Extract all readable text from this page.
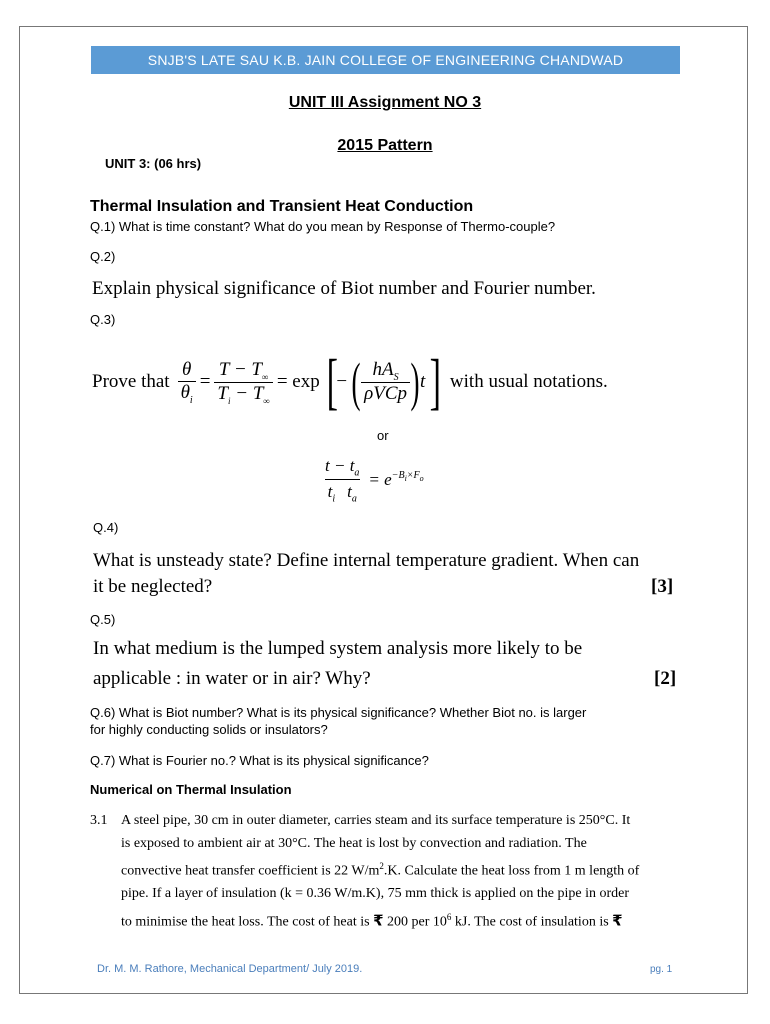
SNJB'S LATE SAU K.B. JAIN COLLEGE OF ENGINEERING CHANDWAD
UNIT III Assignment NO 3
2015 Pattern
UNIT 3: (06 hrs)
Thermal Insulation and Transient Heat Conduction
Q.1) What is time constant? What do you mean by Response of Thermo-couple?
Q.2)
Explain physical significance of Biot number and Fourier number.
Q.3)
Prove that $\frac{\theta}{\theta_i} = \frac{T - T_\infty}{T_i - T_\infty} = \exp$ [
− ( $\frac{hA_S}{\text{ρVCp}}$ ) t ] with usual notations.
or
$\frac{t - t_a}{t_i t_a} = e^{-B_i\times F_o}$
Q.4)
What is unsteady state? Define internal temperature gradient. When can
it be neglected?	[3]
Q.5)
In what medium is the lumped system analysis more likely to be
applicable : in water or in air? Why?	[2]
Q.6) What is Biot number? What is its physical significance? Whether Biot no. is larger
for highly conducting solids or insulators?
Q.7) What is Fourier no.? What is its physical significance?
Numerical on Thermal Insulation
3.1 A steel pipe, 30 cm in outer diameter, carries steam and its surface temperature is 250°C. It
is exposed to ambient air at 30°C. The heat is lost by convection and radiation. The
convective heat transfer coefficient is 22 $W/m^2.K$. Calculate the heat loss from 1 m length of
pipe. If a layer of insulation (k = 0.36 W/m.K), 75 mm thick is applied on the pipe in order
to minimise the heat loss. The cost of heat is ₹ 200 per $10^6$ kJ. The cost of insulation is ₹
Dr. M. M. Rathore, Mechanical Department/ July 2019.	pg. 1
